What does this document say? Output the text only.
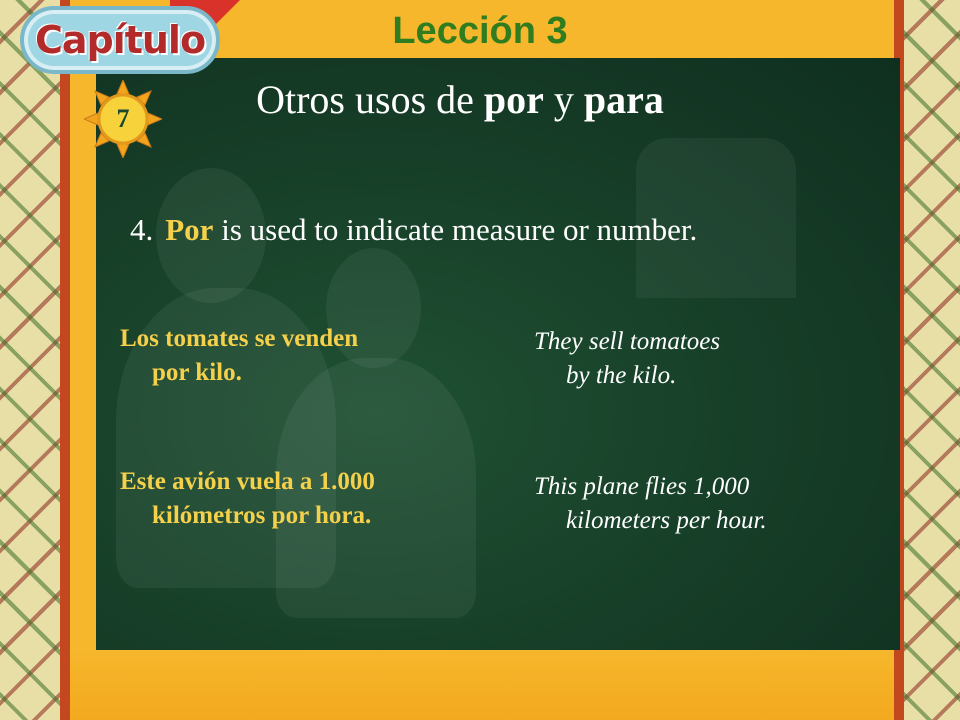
Capítulo
7
Lección 3
Otros usos de por y para
4. Por is used to indicate measure or number.
Los tomates se venden
por kilo.
They sell tomatoes
by the kilo.
Este avión vuela a 1.000
kilómetros por hora.
This plane flies 1,000
kilometers per hour.
